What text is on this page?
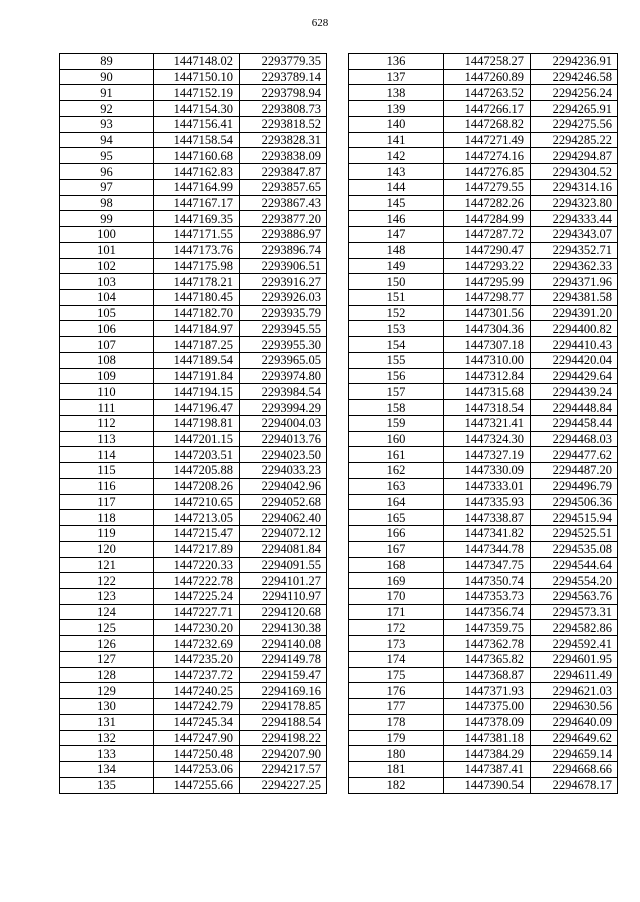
628
89	1447148.02	2293779.35
90	1447150.10	2293789.14
91	1447152.19	2293798.94
92	1447154.30	2293808.73
93	1447156.41	2293818.52
94	1447158.54	2293828.31
95	1447160.68	2293838.09
96	1447162.83	2293847.87
97	1447164.99	2293857.65
98	1447167.17	2293867.43
99	1447169.35	2293877.20
100	1447171.55	2293886.97
101	1447173.76	2293896.74
102	1447175.98	2293906.51
103	1447178.21	2293916.27
104	1447180.45	2293926.03
105	1447182.70	2293935.79
106	1447184.97	2293945.55
107	1447187.25	2293955.30
108	1447189.54	2293965.05
109	1447191.84	2293974.80
110	1447194.15	2293984.54
111	1447196.47	2293994.29
112	1447198.81	2294004.03
113	1447201.15	2294013.76
114	1447203.51	2294023.50
115	1447205.88	2294033.23
116	1447208.26	2294042.96
117	1447210.65	2294052.68
118	1447213.05	2294062.40
119	1447215.47	2294072.12
120	1447217.89	2294081.84
121	1447220.33	2294091.55
122	1447222.78	2294101.27
123	1447225.24	2294110.97
124	1447227.71	2294120.68
125	1447230.20	2294130.38
126	1447232.69	2294140.08
127	1447235.20	2294149.78
128	1447237.72	2294159.47
129	1447240.25	2294169.16
130	1447242.79	2294178.85
131	1447245.34	2294188.54
132	1447247.90	2294198.22
133	1447250.48	2294207.90
134	1447253.06	2294217.57
135	1447255.66	2294227.25
136	1447258.27	2294236.91
137	1447260.89	2294246.58
138	1447263.52	2294256.24
139	1447266.17	2294265.91
140	1447268.82	2294275.56
141	1447271.49	2294285.22
142	1447274.16	2294294.87
143	1447276.85	2294304.52
144	1447279.55	2294314.16
145	1447282.26	2294323.80
146	1447284.99	2294333.44
147	1447287.72	2294343.07
148	1447290.47	2294352.71
149	1447293.22	2294362.33
150	1447295.99	2294371.96
151	1447298.77	2294381.58
152	1447301.56	2294391.20
153	1447304.36	2294400.82
154	1447307.18	2294410.43
155	1447310.00	2294420.04
156	1447312.84	2294429.64
157	1447315.68	2294439.24
158	1447318.54	2294448.84
159	1447321.41	2294458.44
160	1447324.30	2294468.03
161	1447327.19	2294477.62
162	1447330.09	2294487.20
163	1447333.01	2294496.79
164	1447335.93	2294506.36
165	1447338.87	2294515.94
166	1447341.82	2294525.51
167	1447344.78	2294535.08
168	1447347.75	2294544.64
169	1447350.74	2294554.20
170	1447353.73	2294563.76
171	1447356.74	2294573.31
172	1447359.75	2294582.86
173	1447362.78	2294592.41
174	1447365.82	2294601.95
175	1447368.87	2294611.49
176	1447371.93	2294621.03
177	1447375.00	2294630.56
178	1447378.09	2294640.09
179	1447381.18	2294649.62
180	1447384.29	2294659.14
181	1447387.41	2294668.66
182	1447390.54	2294678.17
